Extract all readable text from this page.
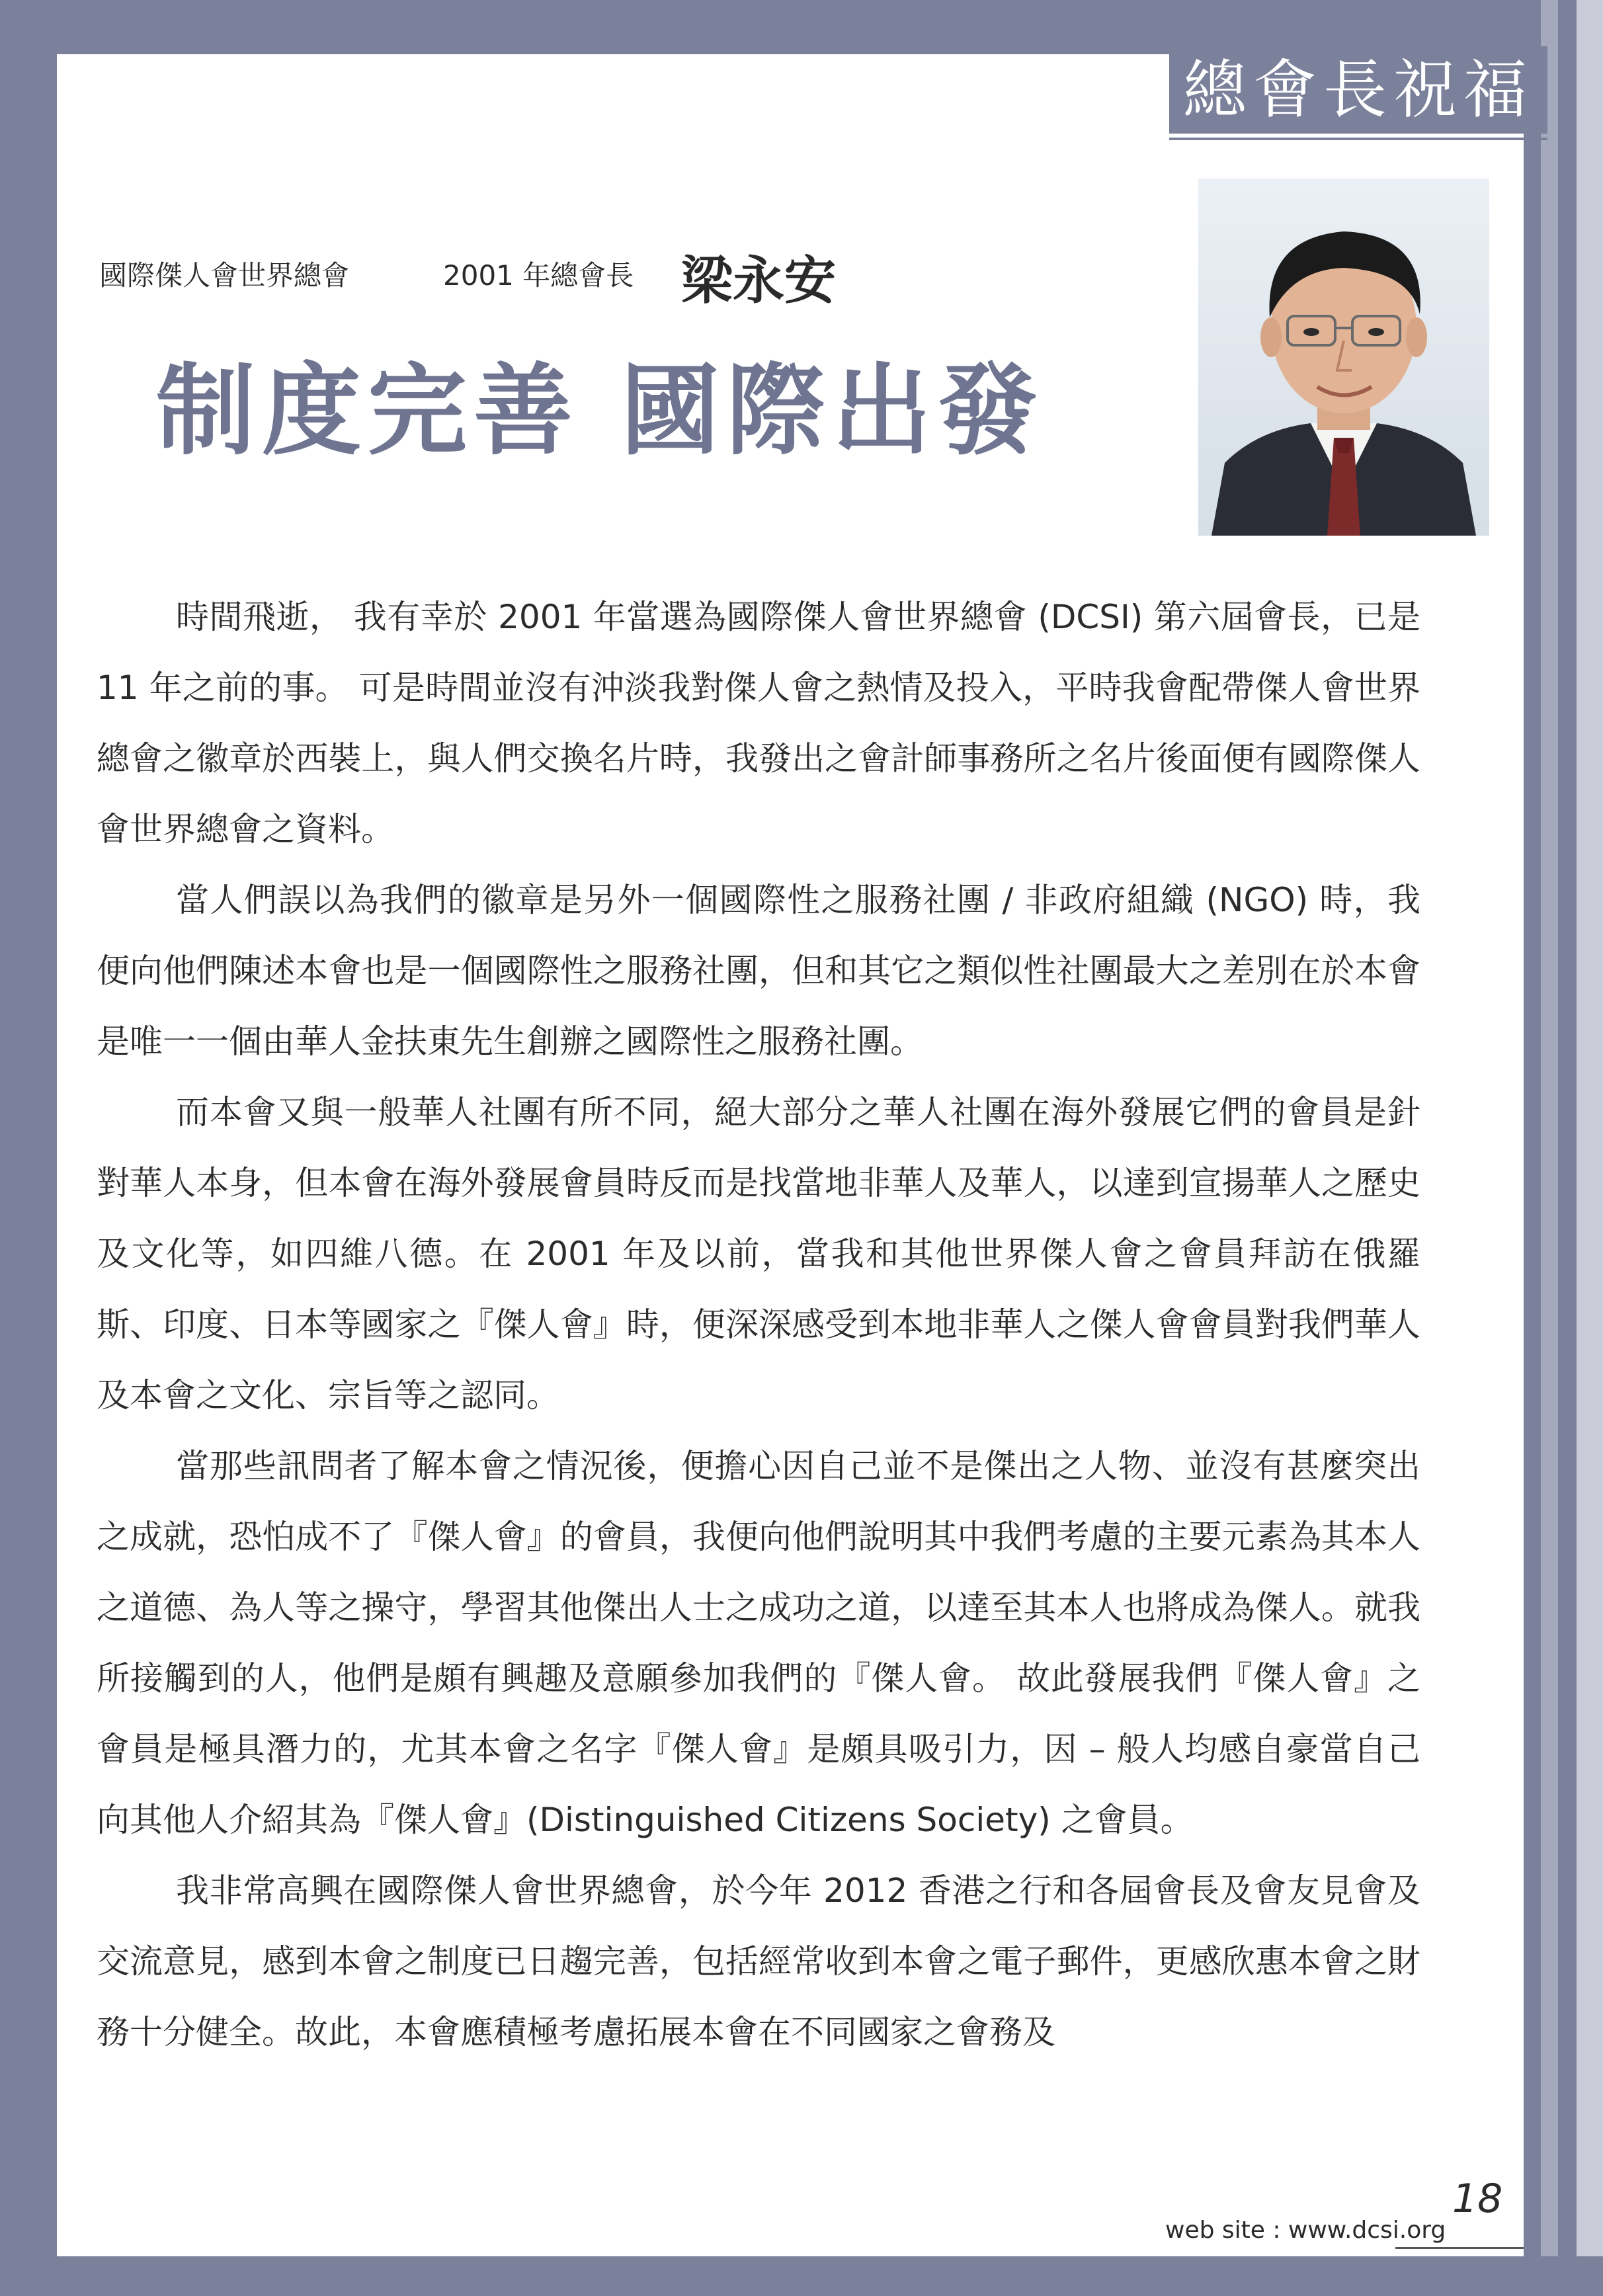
總會長祝福
國際傑人會世界總會	2001 年總會長 梁永安
制度完善 國際出發

時間飛逝， 我有幸於 2001 年當選為國際傑人會世界總會 (DCSI) 第六屆會長，已是 11 年之前的事。 可是時間並沒有沖淡我對傑人會之熱情及投入，平時我會配帶傑人會世界總會之徽章於西裝上，與人們交換名片時，我發出之會計師事務所之名片後面便有國際傑人會世界總會之資料。

當人們誤以為我們的徽章是另外一個國際性之服務社團 / 非政府組織 (NGO) 時，我便向他們陳述本會也是一個國際性之服務社團，但和其它之類似性社團最大之差別在於本會是唯一一個由華人金扶東先生創辦之國際性之服務社團。

而本會又與一般華人社團有所不同，絕大部分之華人社團在海外發展它們的會員是針對華人本身，但本會在海外發展會員時反而是找當地非華人及華人，以達到宣揚華人之歷史及文化等，如四維八德。在 2001 年及以前，當我和其他世界傑人會之會員拜訪在俄羅斯、印度、日本等國家之『傑人會』時，便深深感受到本地非華人之傑人會會員對我們華人及本會之文化、宗旨等之認同。

當那些訊問者了解本會之情況後，便擔心因自己並不是傑出之人物、並沒有甚麼突出之成就，恐怕成不了『傑人會』的會員，我便向他們說明其中我們考慮的主要元素為其本人之道德、為人等之操守，學習其他傑出人士之成功之道，以達至其本人也將成為傑人。就我所接觸到的人，他們是頗有興趣及意願參加我們的『傑人會。 故此發展我們『傑人會』之會員是極具潛力的，尤其本會之名字『傑人會』是頗具吸引力，因 – 般人均感自豪當自己向其他人介紹其為『傑人會』(Distinguished Citizens Society) 之會員。

我非常高興在國際傑人會世界總會，於今年 2012 香港之行和各屆會長及會友見會及交流意見，感到本會之制度已日趨完善，包括經常收到本會之電子郵件，更感欣惠本會之財務十分健全。故此，本會應積極考慮拓展本會在不同國家之會務及

18
web site : www.dcsi.org
